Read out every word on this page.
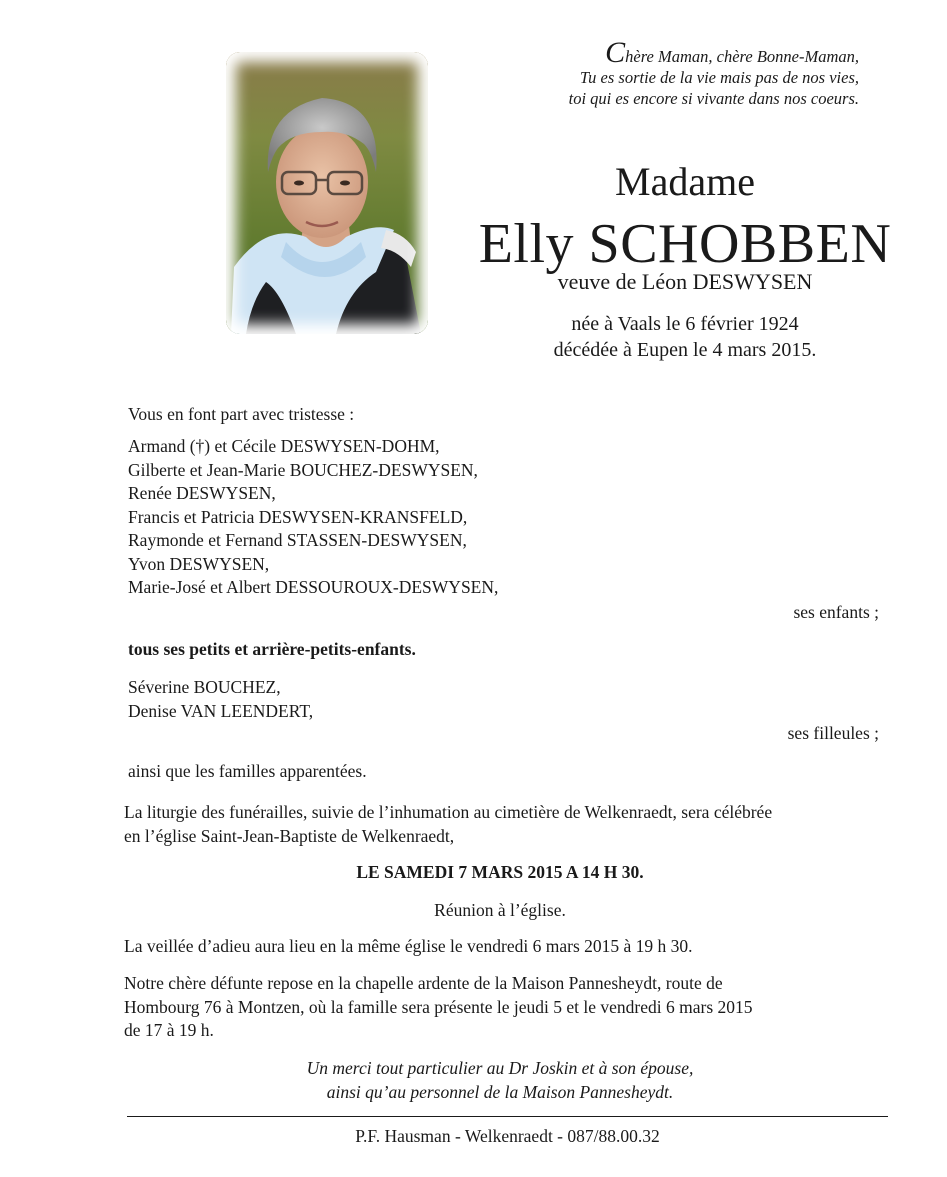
Chère Maman, chère Bonne-Maman,
Tu es sortie de la vie mais pas de nos vies,
toi qui es encore si vivante dans nos coeurs.
Madame
Elly SCHOBBEN
veuve de Léon DESWYSEN
née à Vaals le 6 février 1924
décédée à Eupen le 4 mars 2015.
Vous en font part avec tristesse :
Armand (†) et Cécile DESWYSEN-DOHM,
Gilberte et Jean-Marie BOUCHEZ-DESWYSEN,
Renée DESWYSEN,
Francis et Patricia DESWYSEN-KRANSFELD,
Raymonde et Fernand STASSEN-DESWYSEN,
Yvon DESWYSEN,
Marie-José et Albert DESSOUROUX-DESWYSEN,
ses enfants ;
tous ses petits et arrière-petits-enfants.
Séverine BOUCHEZ,
Denise VAN LEENDERT,
ses filleules ;
ainsi que les familles apparentées.
La liturgie des funérailles, suivie de l’inhumation au cimetière de Welkenraedt, sera célébrée
en l’église Saint-Jean-Baptiste de Welkenraedt,
LE SAMEDI 7 MARS 2015 A 14 H 30.
Réunion à l’église.
La veillée d’adieu aura lieu en la même église le vendredi 6 mars 2015 à 19 h 30.
Notre chère défunte repose en la chapelle ardente de la Maison Pannesheydt, route de
Hombourg 76 à Montzen, où la famille sera présente le jeudi 5 et le vendredi 6 mars 2015
de 17 à 19 h.
Un merci tout particulier au Dr Joskin et à son épouse,
ainsi qu’au personnel de la Maison Pannesheydt.
P.F. Hausman - Welkenraedt - 087/88.00.32
